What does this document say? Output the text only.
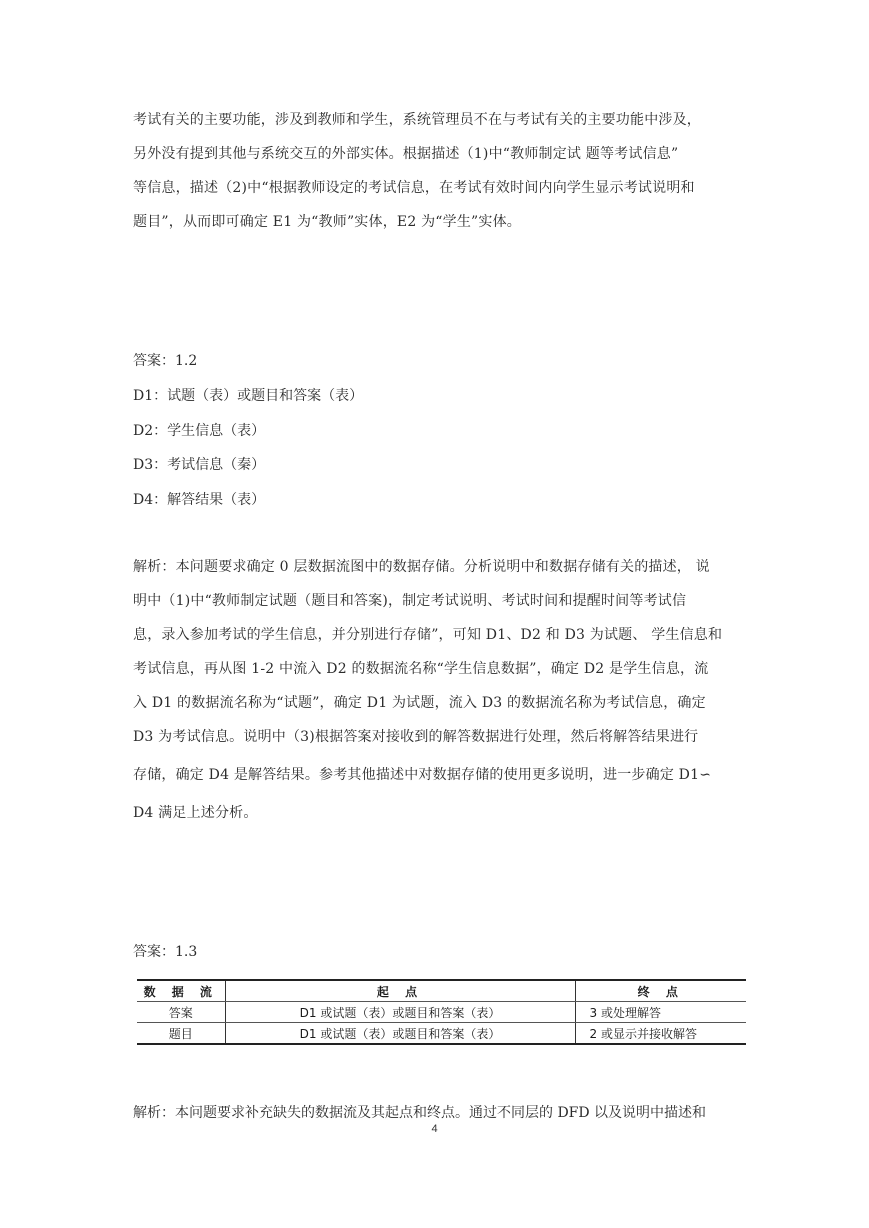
考试有关的主要功能，涉及到教师和学生，系统管理员不在与考试有关的主要功能中涉及，
另外没有提到其他与系统交互的外部实体。根据描述（1)中“教师制定试 题等考试信息”
等信息，描述（2)中“根据教师设定的考试信息，在考试有效时间内向学生显示考试说明和
题目”，从而即可确定 E1 为“教师”实体，E2 为“学生”实体。
答案：1.2
D1：试题（表）或题目和答案（表）
D2：学生信息（表）
D3：考试信息（秦）
D4：解答结果（表）
解析：本问题要求确定 0 层数据流图中的数据存储。分析说明中和数据存储有关的描述， 说
明中（1)中“教师制定试题（题目和答案)，制定考试说明、考试时间和提醒时间等考试信
息，录入参加考试的学生信息，并分别进行存储”，可知 D1、D2 和 D3 为试题、 学生信息和
考试信息，再从图 1-2 中流入 D2 的数据流名称“学生信息数据”，确定 D2 是学生信息，流
入 D1 的数据流名称为“试题”，确定 D1 为试题，流入 D3 的数据流名称为考试信息，确定
D3 为考试信息。说明中（3)根据答案对接收到的解答数据进行处理，然后将解答结果进行
存储，确定 D4 是解答结果。参考其他描述中对数据存储的使用更多说明，进一步确定 D1∽
D4 满足上述分析。
答案：1.3
数 据 流	起 点	终 点
答案	D1 或试题（表）或题目和答案（表）	3 或处理解答
题目	D1 或试题（表）或题目和答案（表）	2 或显示并接收解答
解析：本问题要求补充缺失的数据流及其起点和终点。通过不同层的 DFD 以及说明中描述和
4
